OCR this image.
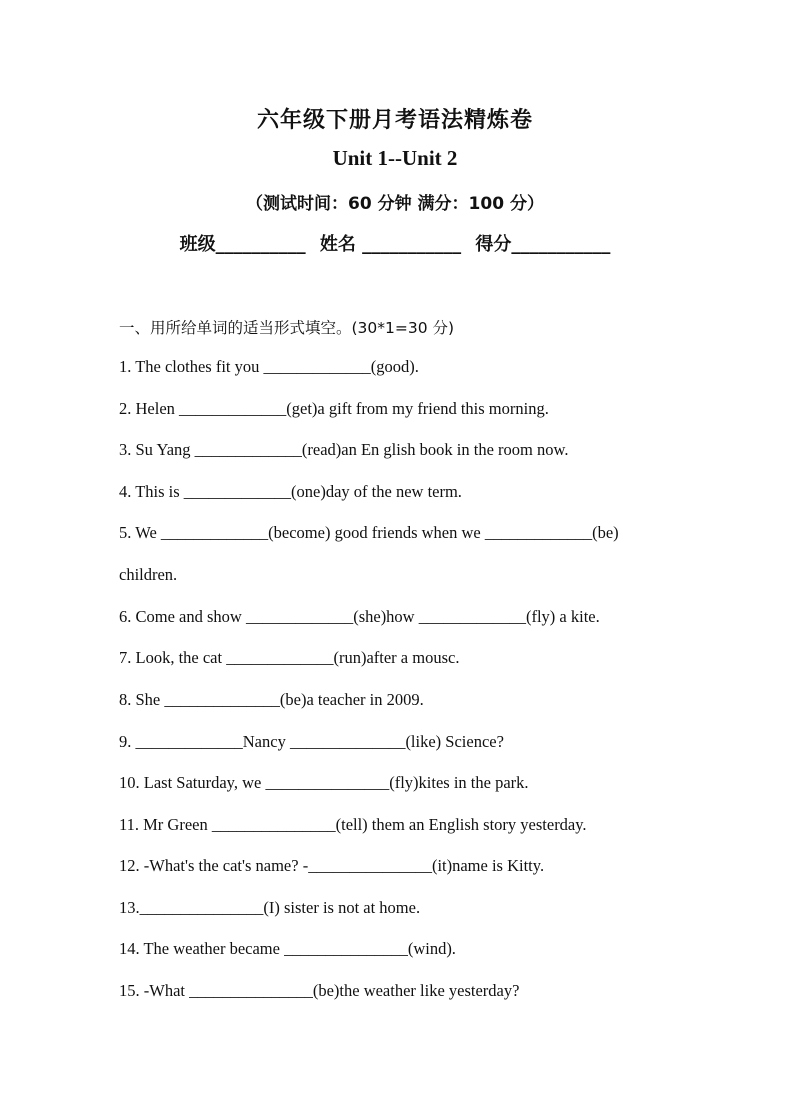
六年级下册月考语法精炼卷
Unit 1--Unit 2
（测试时间：60 分钟 满分：100 分）
班级__________ 姓名 ___________ 得分___________
一、用所给单词的适当形式填空。(30*1=30 分)
1. The clothes fit you _____________(good).
2. Helen _____________(get)a gift from my friend this morning.
3. Su Yang _____________(read)an En glish book in the room now.
4. This is _____________(one)day of the new term.
5. We _____________(become) good friends when we _____________(be)
children.
6. Come and show _____________(she)how _____________(fly) a kite.
7. Look, the cat _____________(run)after a mousc.
8. She ______________(be)a teacher in 2009.
9. _____________Nancy ______________(like) Science?
10. Last Saturday, we _______________(fly)kites in the park.
11. Mr Green _______________(tell) them an English story yesterday.
12. -What's the cat's name? -_______________(it)name is Kitty.
13._______________(I) sister is not at home.
14. The weather became _______________(wind).
15. -What _______________(be)the weather like yesterday?
